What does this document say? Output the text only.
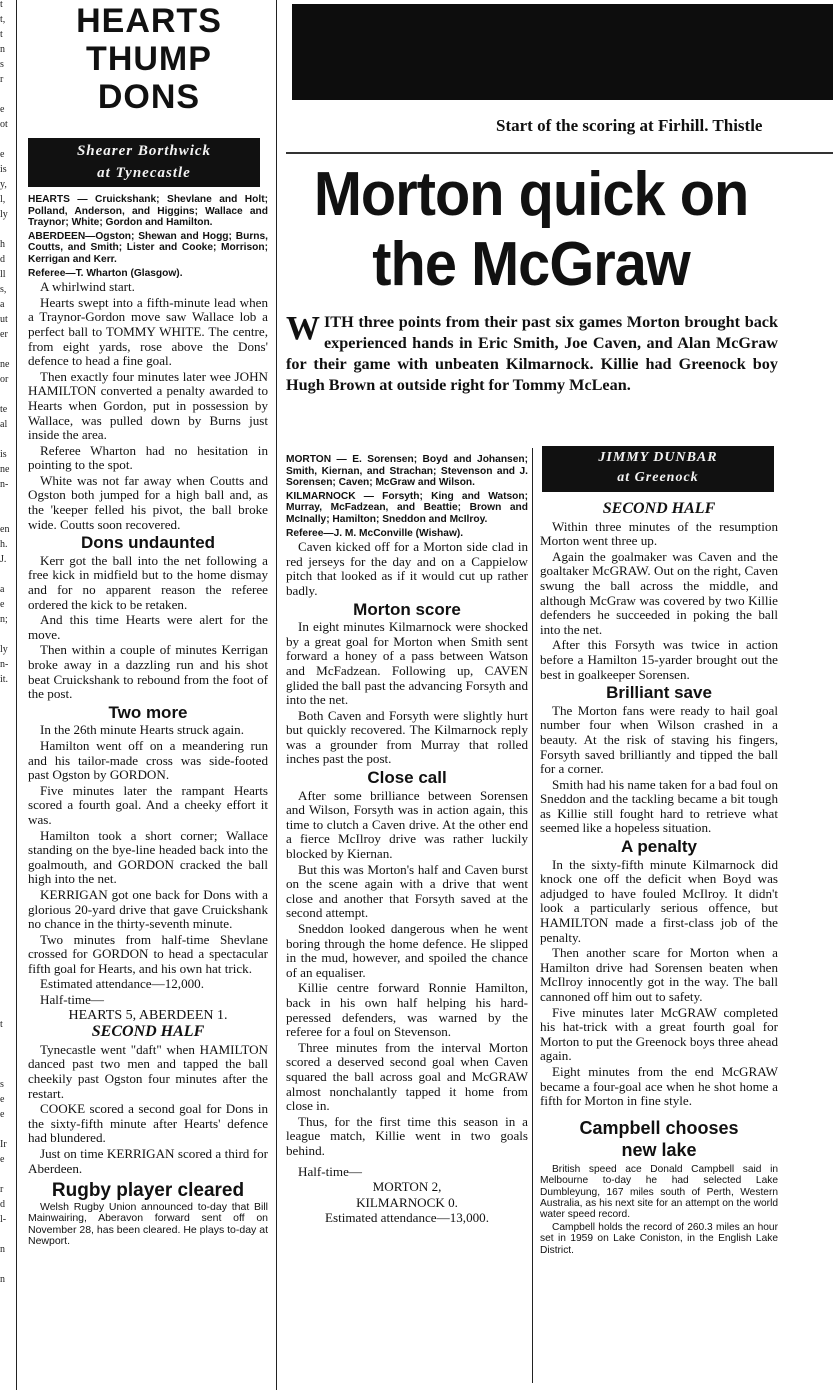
t
t,
t
n
s
r
e
ot
e
is
y,
l,
ly
h
d
ll
s,
a
ut
er
ne
or
te
al
is
ne
n-
en
h.
J.
a
e
n;
ly
n-
it.
t
s
e
e
Ir
e
r
d
l-
n
n
HEARTS
THUMP
DONS
Shearer Borthwick
at Tynecastle

HEARTS — Cruickshank; Shevlane and Holt; Polland, Anderson, and Higgins; Wallace and Traynor; White; Gordon and Hamilton.

ABERDEEN—Ogston; Shewan and Hogg; Burns, Coutts, and Smith; Lister and Cooke; Morrison; Kerrigan and Kerr.

Referee—T. Wharton (Glasgow).

A whirlwind start.

Hearts swept into a fifth-minute lead when a Traynor-Gordon move saw Wallace lob a perfect ball to TOMMY WHITE. The centre, from eight yards, rose above the Dons' defence to head a fine goal.

Then exactly four minutes later wee JOHN HAMILTON converted a penalty awarded to Hearts when Gordon, put in possession by Wallace, was pulled down by Burns just inside the area.

Referee Wharton had no hesitation in pointing to the spot.

White was not far away when Coutts and Ogston both jumped for a high ball and, as the 'keeper felled his pivot, the ball broke wide. Coutts soon recovered.

Dons undaunted

Kerr got the ball into the net following a free kick in midfield but to the home dismay and for no apparent reason the referee ordered the kick to be retaken.

And this time Hearts were alert for the move.

Then within a couple of minutes Kerrigan broke away in a dazzling run and his shot beat Cruickshank to rebound from the foot of the post.

Two more

In the 26th minute Hearts struck again.

Hamilton went off on a meandering run and his tailor-made cross was side-footed past Ogston by GORDON.

Five minutes later the rampant Hearts scored a fourth goal. And a cheeky effort it was.

Hamilton took a short corner; Wallace standing on the bye-line headed back into the goalmouth, and GORDON cracked the ball high into the net.

KERRIGAN got one back for Dons with a glorious 20-yard drive that gave Cruickshank no chance in the thirty-seventh minute.

Two minutes from half-time Shevlane crossed for GORDON to head a spectacular fifth goal for Hearts, and his own hat trick.

Estimated attendance—12,000.

Half-time—

HEARTS 5, ABERDEEN 1.

SECOND HALF

Tynecastle went "daft" when HAMILTON danced past two men and tapped the ball cheekily past Ogston four minutes after the restart.

COOKE scored a second goal for Dons in the sixty-fifth minute after Hearts' defence had blundered.

Just on time KERRIGAN scored a third for Aberdeen.

Rugby player cleared

Welsh Rugby Union announced to-day that Bill Mainwairing, Aberavon forward sent off on November 28, has been cleared. He plays to-day at Newport.

Start of the scoring at Firhill. Thistle
Morton quick on
the McGraw
WITH three points from their past six games Morton brought back experienced hands in Eric Smith, Joe Caven, and Alan McGraw for their game with unbeaten Kilmarnock. Killie had Greenock boy Hugh Brown at outside right for Tommy McLean.

MORTON — E. Sorensen; Boyd and Johansen; Smith, Kiernan, and Strachan; Stevenson and J. Sorensen; Caven; McGraw and Wilson.

KILMARNOCK — Forsyth; King and Watson; Murray, McFadzean, and Beattie; Brown and McInally; Hamilton; Sneddon and McIlroy.

Referee—J. M. McConville (Wishaw).

Caven kicked off for a Morton side clad in red jerseys for the day and on a Cappielow pitch that looked as if it would cut up rather badly.

Morton score

In eight minutes Kilmarnock were shocked by a great goal for Morton when Smith sent forward a honey of a pass between Watson and McFadzean. Following up, CAVEN glided the ball past the advancing Forsyth and into the net.

Both Caven and Forsyth were slightly hurt but quickly recovered. The Kilmarnock reply was a grounder from Murray that rolled inches past the post.

Close call

After some brilliance between Sorensen and Wilson, Forsyth was in action again, this time to clutch a Caven drive. At the other end a fierce McIlroy drive was rather luckily blocked by Kiernan.

But this was Morton's half and Caven burst on the scene again with a drive that went close and another that Forsyth saved at the second attempt.

Sneddon looked dangerous when he went boring through the home defence. He slipped in the mud, however, and spoiled the chance of an equaliser.

Killie centre forward Ronnie Hamilton, back in his own half helping his hard-peressed defenders, was warned by the referee for a foul on Stevenson.

Three minutes from the interval Morton scored a deserved second goal when Caven squared the ball across goal and McGRAW almost nonchalantly tapped it home from close in.

Thus, for the first time this season in a league match, Killie went in two goals behind.

Half-time—

MORTON 2,

KILMARNOCK 0.

Estimated attendance—13,000.

JIMMY DUNBAR
at Greenock
SECOND HALF

Within three minutes of the resumption Morton went three up.

Again the goalmaker was Caven and the goaltaker McGRAW. Out on the right, Caven swung the ball across the middle, and although McGraw was covered by two Killie defenders he succeeded in poking the ball into the net.

After this Forsyth was twice in action before a Hamilton 15-yarder brought out the best in goalkeeper Sorensen.

Brilliant save

The Morton fans were ready to hail goal number four when Wilson crashed in a beauty. At the risk of staving his fingers, Forsyth saved brilliantly and tipped the ball for a corner.

Smith had his name taken for a bad foul on Sneddon and the tackling became a bit tough as Killie still fought hard to retrieve what seemed like a hopeless situation.

A penalty

In the sixty-fifth minute Kilmarnock did knock one off the deficit when Boyd was adjudged to have fouled McIlroy. It didn't look a particularly serious offence, but HAMILTON made a first-class job of the penalty.

Then another scare for Morton when a Hamilton drive had Sorensen beaten when McIlroy innocently got in the way. The ball cannoned off him out to safety.

Five minutes later McGRAW completed his hat-trick with a great fourth goal for Morton to put the Greenock boys three ahead again.

Eight minutes from the end McGRAW became a four-goal ace when he shot home a fifth for Morton in fine style.

Campbell chooses
new lake

British speed ace Donald Campbell said in Melbourne to-day he had selected Lake Dumbleyung, 167 miles south of Perth, Western Australia, as his next site for an attempt on the world water speed record.

Campbell holds the record of 260.3 miles an hour set in 1959 on Lake Coniston, in the English Lake District.
